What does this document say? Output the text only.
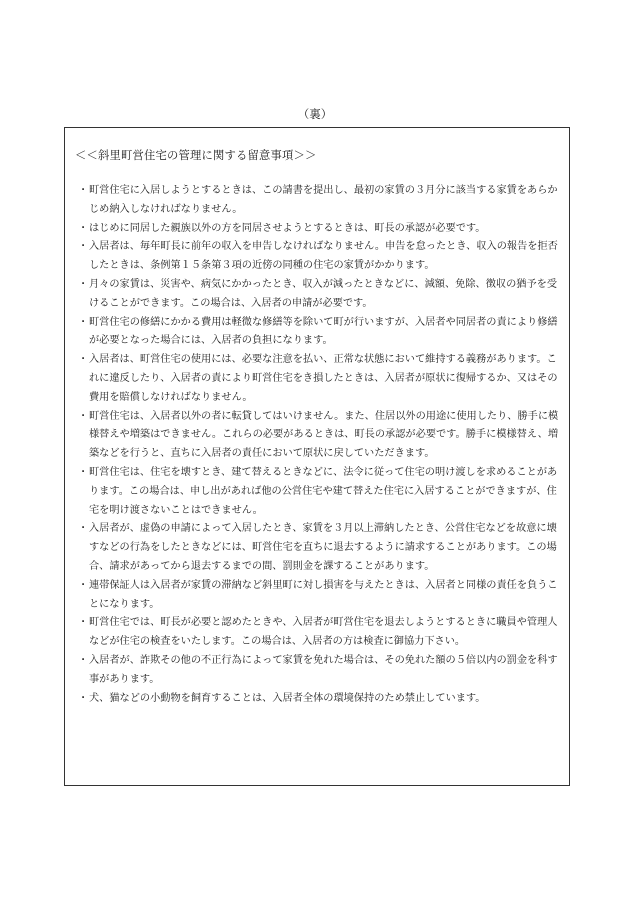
（裏）
＜＜斜里町営住宅の管理に関する留意事項＞＞
・ 町営住宅に入居しようとするときは、この請書を提出し、最初の家賃の３月分に該当する家賃をあらかじめ納入しなければなりません。
・ はじめに同居した親族以外の方を同居させようとするときは、町長の承認が必要です。
・ 入居者は、毎年町長に前年の収入を申告しなければなりません。申告を怠ったとき、収入の報告を拒否したときは、条例第１５条第３項の近傍の同種の住宅の家賃がかかります。
・ 月々の家賃は、災害や、病気にかかったとき、収入が減ったときなどに、減額、免除、徴収の猶予を受けることができます。この場合は、入居者の申請が必要です。
・ 町営住宅の修繕にかかる費用は軽微な修繕等を除いて町が行いますが、入居者や同居者の責により修繕が必要となった場合には、入居者の負担になります。
・ 入居者は、町営住宅の使用には、必要な注意を払い、正常な状態において維持する義務があります。これに違反したり、入居者の責により町営住宅をき損したときは、入居者が原状に復帰するか、又はその費用を賠償しなければなりません。
・ 町営住宅は、入居者以外の者に転貸してはいけません。また、住居以外の用途に使用したり、勝手に模様替えや増築はできません。これらの必要があるときは、町長の承認が必要です。勝手に模様替え、増築などを行うと、直ちに入居者の責任において原状に戻していただきます。
・ 町営住宅は、住宅を壊すとき、建て替えるときなどに、法令に従って住宅の明け渡しを求めることがあります。この場合は、申し出があれば他の公営住宅や建て替えた住宅に入居することができますが、住宅を明け渡さないことはできません。
・ 入居者が、虚偽の申請によって入居したとき、家賃を３月以上滞納したとき、公営住宅などを故意に壊すなどの行為をしたときなどには、町営住宅を直ちに退去するように請求することがあります。この場合、請求があってから退去するまでの間、罰則金を課することがあります。
・ 連帯保証人は入居者が家賃の滞納など斜里町に対し損害を与えたときは、入居者と同様の責任を負うことになります。
・ 町営住宅では、町長が必要と認めたときや、入居者が町営住宅を退去しようとするときに職員や管理人などが住宅の検査をいたします。この場合は、入居者の方は検査に御協力下さい。
・ 入居者が、詐欺その他の不正行為によって家賃を免れた場合は、その免れた額の５倍以内の罰金を科す事があります。
・ 犬、猫などの小動物を飼育することは、入居者全体の環境保持のため禁止しています。
